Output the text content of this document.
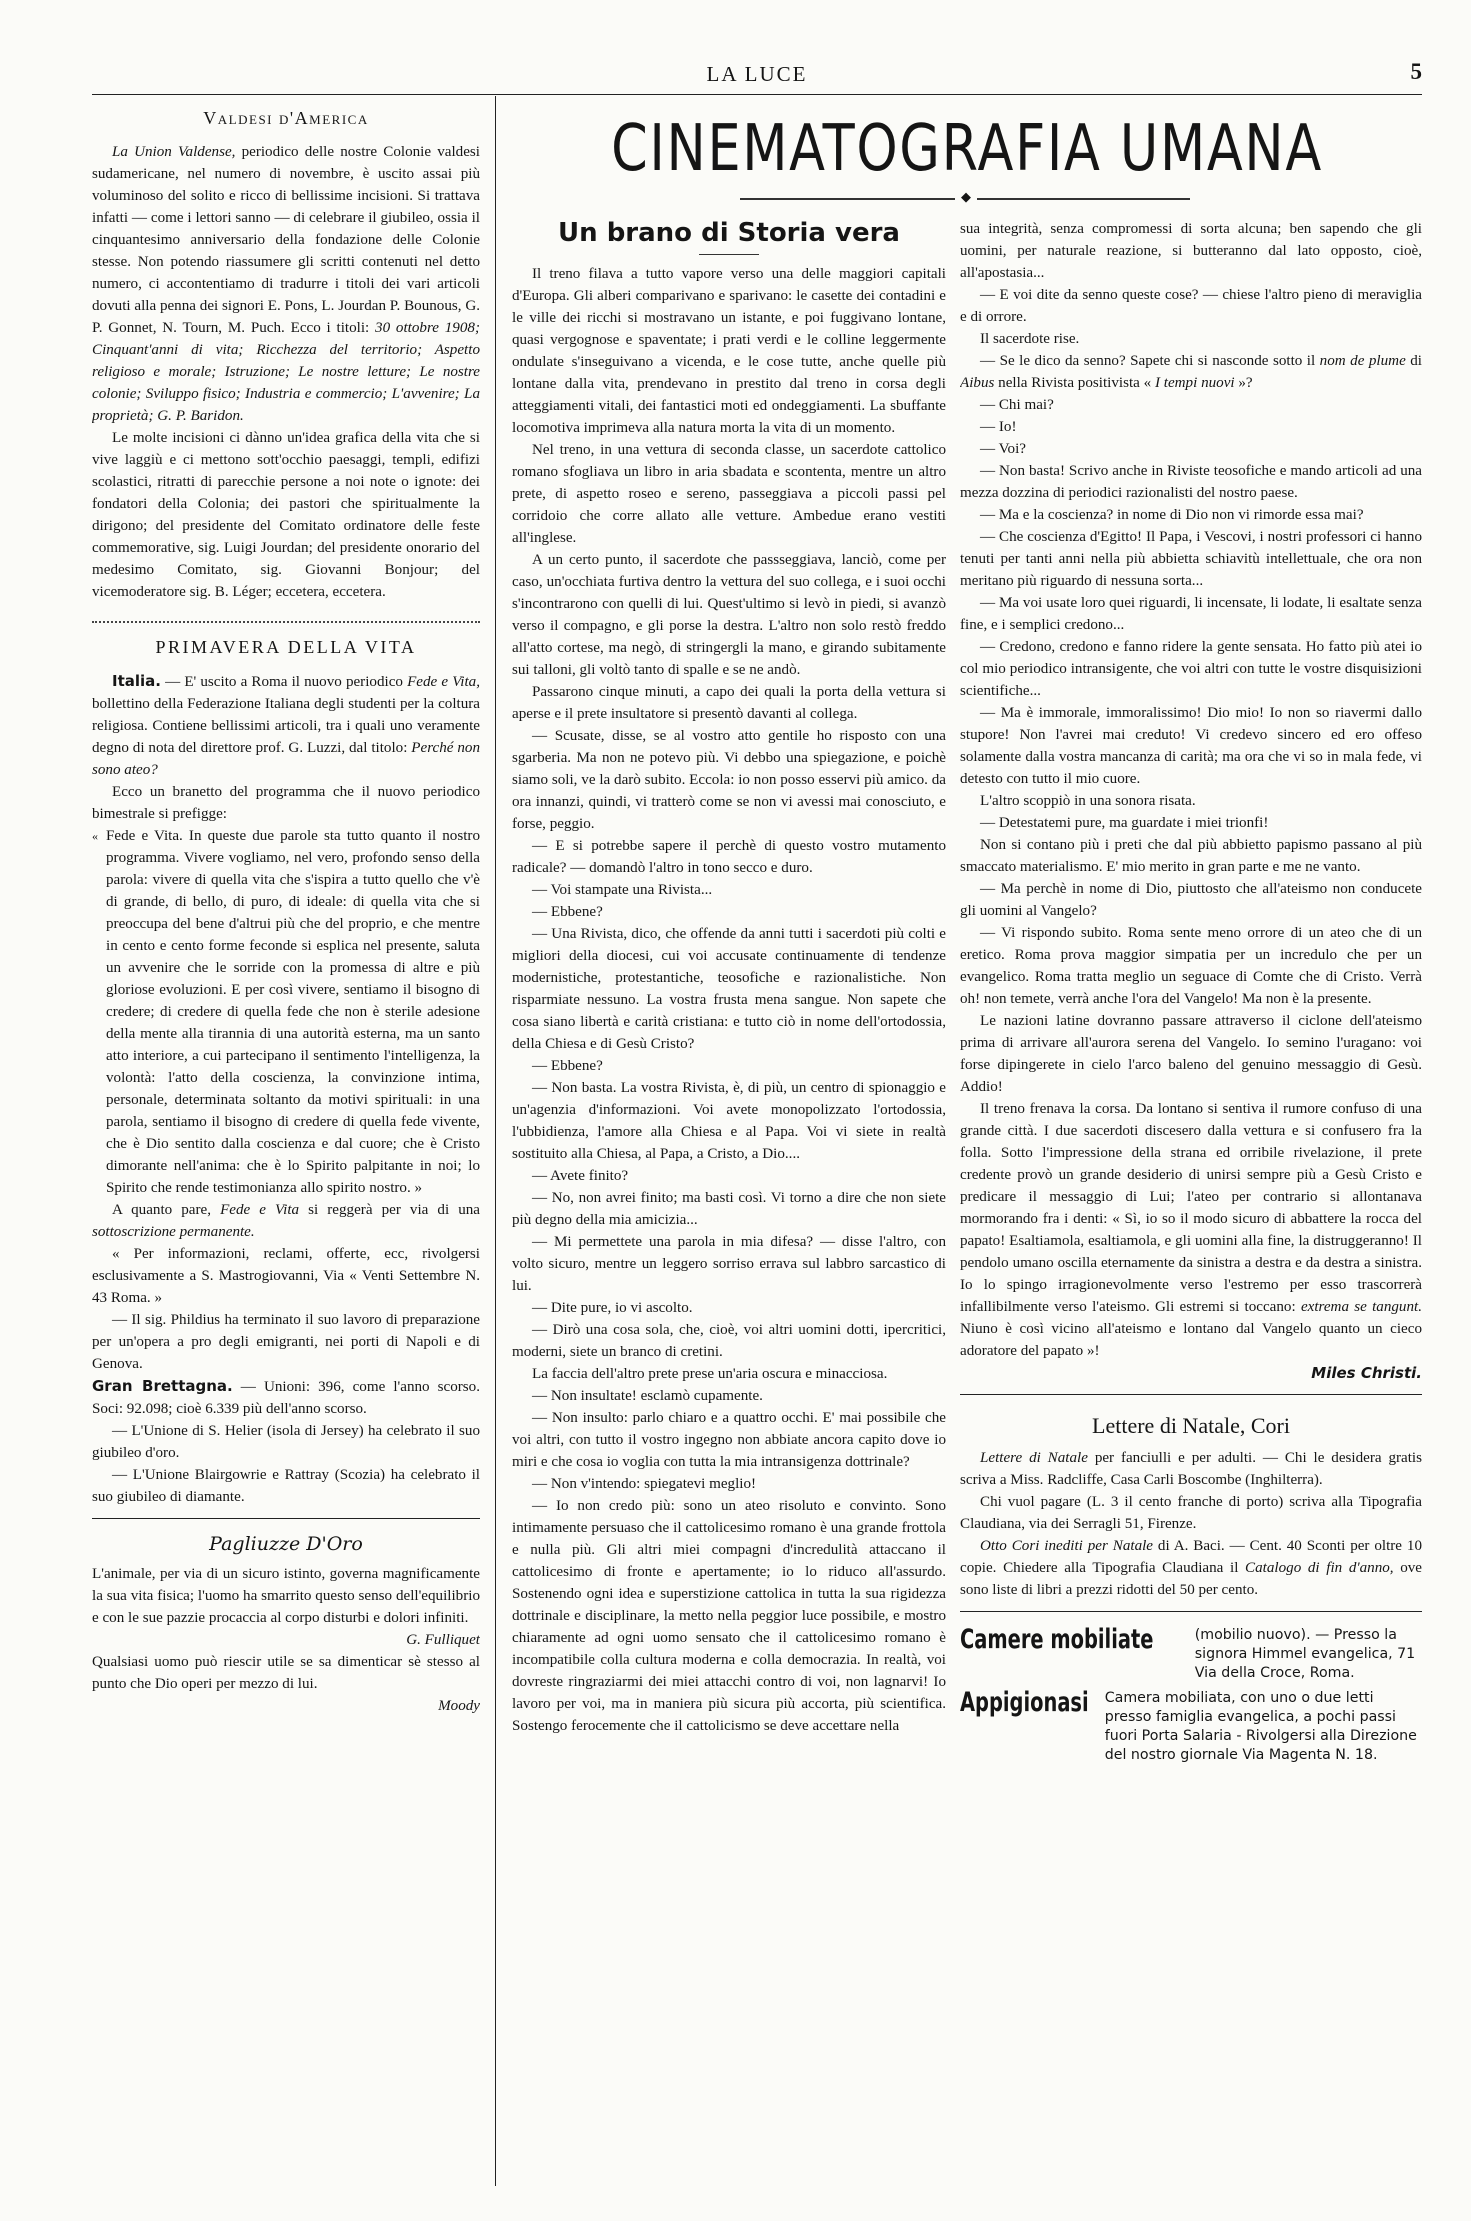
LA LUCE	5
Valdesi d'America

La Union Valdense, periodico delle nostre Colonie valdesi sudamericane, nel numero di novembre, è uscito assai più voluminoso del solito e ricco di bellissime incisioni. Si trattava infatti — come i lettori sanno — di celebrare il giubileo, ossia il cinquantesimo anniversario della fondazione delle Colonie stesse. Non potendo riassumere gli scritti contenuti nel detto numero, ci accontentiamo di tradurre i titoli dei vari articoli dovuti alla penna dei signori E. Pons, L. Jourdan P. Bounous, G. P. Gonnet, N. Tourn, M. Puch. Ecco i titoli: 30 ottobre 1908; Cinquant'anni di vita; Ricchezza del territorio; Aspetto religioso e morale; Istruzione; Le nostre letture; Le nostre colonie; Sviluppo fisico; Industria e commercio; L'avvenire; La proprietà; G. P. Baridon.

Le molte incisioni ci dànno un'idea grafica della vita che si vive laggiù e ci mettono sott'occhio paesaggi, templi, edifizi scolastici, ritratti di parecchie persone a noi note o ignote: dei fondatori della Colonia; dei pastori che spiritualmente la dirigono; del presidente del Comitato ordinatore delle feste commemorative, sig. Luigi Jourdan; del presidente onorario del medesimo Comitato, sig. Giovanni Bonjour; del vicemoderatore sig. B. Léger; eccetera, eccetera.

PRIMAVERA DELLA VITA

Italia. — E' uscito a Roma il nuovo periodico Fede e Vita, bollettino della Federazione Italiana degli studenti per la coltura religiosa. Contiene bellissimi articoli, tra i quali uno veramente degno di nota del direttore prof. G. Luzzi, dal titolo: Perché non sono ateo?

Ecco un branetto del programma che il nuovo periodico bimestrale si prefigge:

« Fede e Vita. In queste due parole sta tutto quanto il nostro programma. Vivere vogliamo, nel vero, profondo senso della parola: vivere di quella vita che s'ispira a tutto quello che v'è di grande, di bello, di puro, di ideale: di quella vita che si preoccupa del bene d'altrui più che del proprio, e che mentre in cento e cento forme feconde si esplica nel presente, saluta un avvenire che le sorride con la promessa di altre e più gloriose evoluzioni. E per così vivere, sentiamo il bisogno di credere; di credere di quella fede che non è sterile adesione della mente alla tirannia di una autorità esterna, ma un santo atto interiore, a cui partecipano il sentimento l'intelligenza, la volontà: l'atto della coscienza, la convinzione intima, personale, determinata soltanto da motivi spirituali: in una parola, sentiamo il bisogno di credere di quella fede vivente, che è Dio sentito dalla coscienza e dal cuore; che è Cristo dimorante nell'anima: che è lo Spirito palpitante in noi; lo Spirito che rende testimonianza allo spirito nostro. »

A quanto pare, Fede e Vita si reggerà per via di una sottoscrizione permanente.

« Per informazioni, reclami, offerte, ecc, rivolgersi esclusivamente a S. Mastrogiovanni, Via « Venti Settembre N. 43 Roma. »

— Il sig. Phildius ha terminato il suo lavoro di preparazione per un'opera a pro degli emigranti, nei porti di Napoli e di Genova.

Gran Brettagna. — Unioni: 396, come l'anno scorso. Soci: 92.098; cioè 6.339 più dell'anno scorso.

— L'Unione di S. Helier (isola di Jersey) ha celebrato il suo giubileo d'oro.

— L'Unione Blairgowrie e Rattray (Scozia) ha celebrato il suo giubileo di diamante.

Pagliuzze D'Oro

L'animale, per via di un sicuro istinto, governa magnificamente la sua vita fisica; l'uomo ha smarrito questo senso dell'equilibrio e con le sue pazzie procaccia al corpo disturbi e dolori infiniti.

G. Fulliquet

Qualsiasi uomo può riescir utile se sa dimenticar sè stesso al punto che Dio operi per mezzo di lui.

Moody

CINEMATOGRAFIA UMANA
◆
Un brano di Storia vera

Il treno filava a tutto vapore verso una delle maggiori capitali d'Europa. Gli alberi comparivano e sparivano: le casette dei contadini e le ville dei ricchi si mostravano un istante, e poi fuggivano lontane, quasi vergognose e spaventate; i prati verdi e le colline leggermente ondulate s'inseguivano a vicenda, e le cose tutte, anche quelle più lontane dalla vita, prendevano in prestito dal treno in corsa degli atteggiamenti vitali, dei fantastici moti ed ondeggiamenti. La sbuffante locomotiva imprimeva alla natura morta la vita di un momento.

Nel treno, in una vettura di seconda classe, un sacerdote cattolico romano sfogliava un libro in aria sbadata e scontenta, mentre un altro prete, di aspetto roseo e sereno, passeggiava a piccoli passi pel corridoio che corre allato alle vetture. Ambedue erano vestiti all'inglese.

A un certo punto, il sacerdote che passseggiava, lanciò, come per caso, un'occhiata furtiva dentro la vettura del suo collega, e i suoi occhi s'incontrarono con quelli di lui. Quest'ultimo si levò in piedi, si avanzò verso il compagno, e gli porse la destra. L'altro non solo restò freddo all'atto cortese, ma negò, di stringergli la mano, e girando subitamente sui talloni, gli voltò tanto di spalle e se ne andò.

Passarono cinque minuti, a capo dei quali la porta della vettura si aperse e il prete insultatore si presentò davanti al collega.

— Scusate, disse, se al vostro atto gentile ho risposto con una sgarberia. Ma non ne potevo più. Vi debbo una spiegazione, e poichè siamo soli, ve la darò subito. Eccola: io non posso esservi più amico. da ora innanzi, quindi, vi tratterò come se non vi avessi mai conosciuto, e forse, peggio.

— E si potrebbe sapere il perchè di questo vostro mutamento radicale? — domandò l'altro in tono secco e duro.

— Voi stampate una Rivista...

— Ebbene?

— Una Rivista, dico, che offende da anni tutti i sacerdoti più colti e migliori della diocesi, cui voi accusate continuamente di tendenze modernistiche, protestantiche, teosofiche e razionalistiche. Non risparmiate nessuno. La vostra frusta mena sangue. Non sapete che cosa siano libertà e carità cristiana: e tutto ciò in nome dell'ortodossia, della Chiesa e di Gesù Cristo?

— Ebbene?

— Non basta. La vostra Rivista, è, di più, un centro di spionaggio e un'agenzia d'informazioni. Voi avete monopolizzato l'ortodossia, l'ubbidienza, l'amore alla Chiesa e al Papa. Voi vi siete in realtà sostituito alla Chiesa, al Papa, a Cristo, a Dio....

— Avete finito?

— No, non avrei finito; ma basti così. Vi torno a dire che non siete più degno della mia amicizia...

— Mi permettete una parola in mia difesa? — disse l'altro, con volto sicuro, mentre un leggero sorriso errava sul labbro sarcastico di lui.

— Dite pure, io vi ascolto.

— Dirò una cosa sola, che, cioè, voi altri uomini dotti, ipercritici, moderni, siete un branco di cretini.

La faccia dell'altro prete prese un'aria oscura e minacciosa.

— Non insultate! esclamò cupamente.

— Non insulto: parlo chiaro e a quattro occhi. E' mai possibile che voi altri, con tutto il vostro ingegno non abbiate ancora capito dove io miri e che cosa io voglia con tutta la mia intransigenza dottrinale?

— Non v'intendo: spiegatevi meglio!

— Io non credo più: sono un ateo risoluto e convinto. Sono intimamente persuaso che il cattolicesimo romano è una grande frottola e nulla più. Gli altri miei compagni d'incredulità attaccano il cattolicesimo di fronte e apertamente; io lo riduco all'assurdo. Sostenendo ogni idea e superstizione cattolica in tutta la sua rigidezza dottrinale e disciplinare, la metto nella peggior luce possibile, e mostro chiaramente ad ogni uomo sensato che il cattolicesimo romano è incompatibile colla cultura moderna e colla democrazia. In realtà, voi dovreste ringraziarmi dei miei attacchi contro di voi, non lagnarvi! Io lavoro per voi, ma in maniera più sicura più accorta, più scientifica. Sostengo ferocemente che il cattolicismo se deve accettare nella

sua integrità, senza compromessi di sorta alcuna; ben sapendo che gli uomini, per naturale reazione, si butteranno dal lato opposto, cioè, all'apostasia...

— E voi dite da senno queste cose? — chiese l'altro pieno di meraviglia e di orrore.

Il sacerdote rise.

— Se le dico da senno? Sapete chi si nasconde sotto il nom de plume di Aibus nella Rivista positivista « I tempi nuovi »?

— Chi mai?

— Io!

— Voi?

— Non basta! Scrivo anche in Riviste teosofiche e mando articoli ad una mezza dozzina di periodici razionalisti del nostro paese.

— Ma e la coscienza? in nome di Dio non vi rimorde essa mai?

— Che coscienza d'Egitto! Il Papa, i Vescovi, i nostri professori ci hanno tenuti per tanti anni nella più abbietta schiavitù intellettuale, che ora non meritano più riguardo di nessuna sorta...

— Ma voi usate loro quei riguardi, li incensate, li lodate, li esaltate senza fine, e i semplici credono...

— Credono, credono e fanno ridere la gente sensata. Ho fatto più atei io col mio periodico intransigente, che voi altri con tutte le vostre disquisizioni scientifiche...

— Ma è immorale, immoralissimo! Dio mio! Io non so riavermi dallo stupore! Non l'avrei mai creduto! Vi credevo sincero ed ero offeso solamente dalla vostra mancanza di carità; ma ora che vi so in mala fede, vi detesto con tutto il mio cuore.

L'altro scoppiò in una sonora risata.

— Detestatemi pure, ma guardate i miei trionfi!

Non si contano più i preti che dal più abbietto papismo passano al più smaccato materialismo. E' mio merito in gran parte e me ne vanto.

— Ma perchè in nome di Dio, piuttosto che all'ateismo non conducete gli uomini al Vangelo?

— Vi rispondo subito. Roma sente meno orrore di un ateo che di un eretico. Roma prova maggior simpatia per un incredulo che per un evangelico. Roma tratta meglio un seguace di Comte che di Cristo. Verrà oh! non temete, verrà anche l'ora del Vangelo! Ma non è la presente.

Le nazioni latine dovranno passare attraverso il ciclone dell'ateismo prima di arrivare all'aurora serena del Vangelo. Io semino l'uragano: voi forse dipingerete in cielo l'arco baleno del genuino messaggio di Gesù. Addio!

Il treno frenava la corsa. Da lontano si sentiva il rumore confuso di una grande città. I due sacerdoti discesero dalla vettura e si confusero fra la folla. Sotto l'impressione della strana ed orribile rivelazione, il prete credente provò un grande desiderio di unirsi sempre più a Gesù Cristo e predicare il messaggio di Lui; l'ateo per contrario si allontanava mormorando fra i denti: « Sì, io so il modo sicuro di abbattere la rocca del papato! Esaltiamola, esaltiamola, e gli uomini alla fine, la distruggeranno! Il pendolo umano oscilla eternamente da sinistra a destra e da destra a sinistra. Io lo spingo irragionevolmente verso l'estremo per esso trascorrerà infallibilmente verso l'ateismo. Gli estremi si toccano: extrema se tangunt. Niuno è così vicino all'ateismo e lontano dal Vangelo quanto un cieco adoratore del papato »!

Miles Christi.

Lettere di Natale, Cori

Lettere di Natale per fanciulli e per adulti. — Chi le desidera gratis scriva a Miss. Radcliffe, Casa Carli Boscombe (Inghilterra).

Chi vuol pagare (L. 3 il cento franche di porto) scriva alla Tipografia Claudiana, via dei Serragli 51, Firenze.

Otto Cori inediti per Natale di A. Baci. — Cent. 40 Sconti per oltre 10 copie. Chiedere alla Tipografia Claudiana il Catalogo di fin d'anno, ove sono liste di libri a prezzi ridotti del 50 per cento.

Camere mobiliate	(mobilio nuovo). — Presso la signora Himmel evangelica, 71 Via della Croce, Roma.
Appigionasi Camera mobiliata, con uno o due letti presso famiglia evangelica, a pochi passi fuori Porta Salaria - Rivolgersi alla Direzione del nostro giornale Via Magenta N. 18.
